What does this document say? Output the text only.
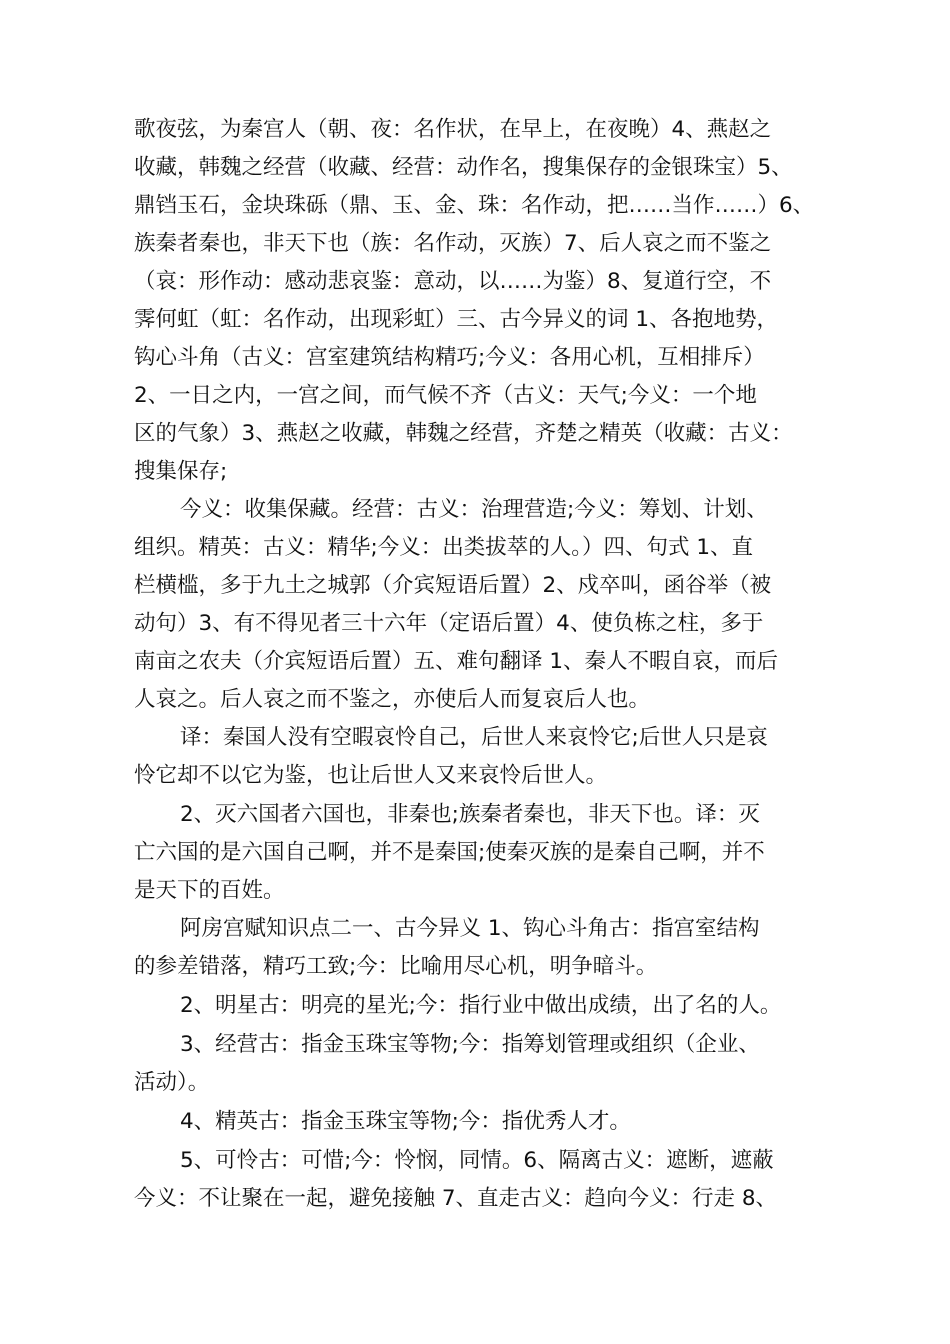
歌夜弦，为秦宫人（朝、夜：名作状，在早上，在夜晚）4、燕赵之
收藏，韩魏之经营（收藏、经营：动作名，搜集保存的金银珠宝）5、
鼎铛玉石，金块珠砾（鼎、玉、金、珠：名作动，把……当作……）6、
族秦者秦也，非天下也（族：名作动，灭族）7、后人哀之而不鉴之
（哀：形作动：感动悲哀鉴：意动，以……为鉴）8、复道行空，不
霁何虹（虹：名作动，出现彩虹）三、古今异义的词 1、各抱地势，
钩心斗角（古义：宫室建筑结构精巧;今义：各用心机，互相排斥）
2、一日之内，一宫之间，而气候不齐（古义：天气;今义：一个地
区的气象）3、燕赵之收藏，韩魏之经营，齐楚之精英（收藏：古义：
搜集保存;
今义：收集保藏。经营：古义：治理营造;今义：筹划、计划、
组织。精英：古义：精华;今义：出类拔萃的人。）四、句式 1、直
栏横槛，多于九土之城郭（介宾短语后置）2、戍卒叫，函谷举（被
动句）3、有不得见者三十六年（定语后置）4、使负栋之柱，多于
南亩之农夫（介宾短语后置）五、难句翻译 1、秦人不暇自哀，而后
人哀之。后人哀之而不鉴之，亦使后人而复哀后人也。
译：秦国人没有空暇哀怜自己，后世人来哀怜它;后世人只是哀
怜它却不以它为鉴，也让后世人又来哀怜后世人。
2、灭六国者六国也，非秦也;族秦者秦也，非天下也。译：灭
亡六国的是六国自己啊，并不是秦国;使秦灭族的是秦自己啊，并不
是天下的百姓。
阿房宫赋知识点二一、古今异义 1、钩心斗角古：指宫室结构
的参差错落，精巧工致;今：比喻用尽心机，明争暗斗。
2、明星古：明亮的星光;今：指行业中做出成绩，出了名的人。
3、经营古：指金玉珠宝等物;今：指筹划管理或组织（企业、
活动）。
4、精英古：指金玉珠宝等物;今：指优秀人才。
5、可怜古：可惜;今：怜悯，同情。6、隔离古义：遮断，遮蔽
今义：不让聚在一起，避免接触 7、直走古义：趋向今义：行走 8、
